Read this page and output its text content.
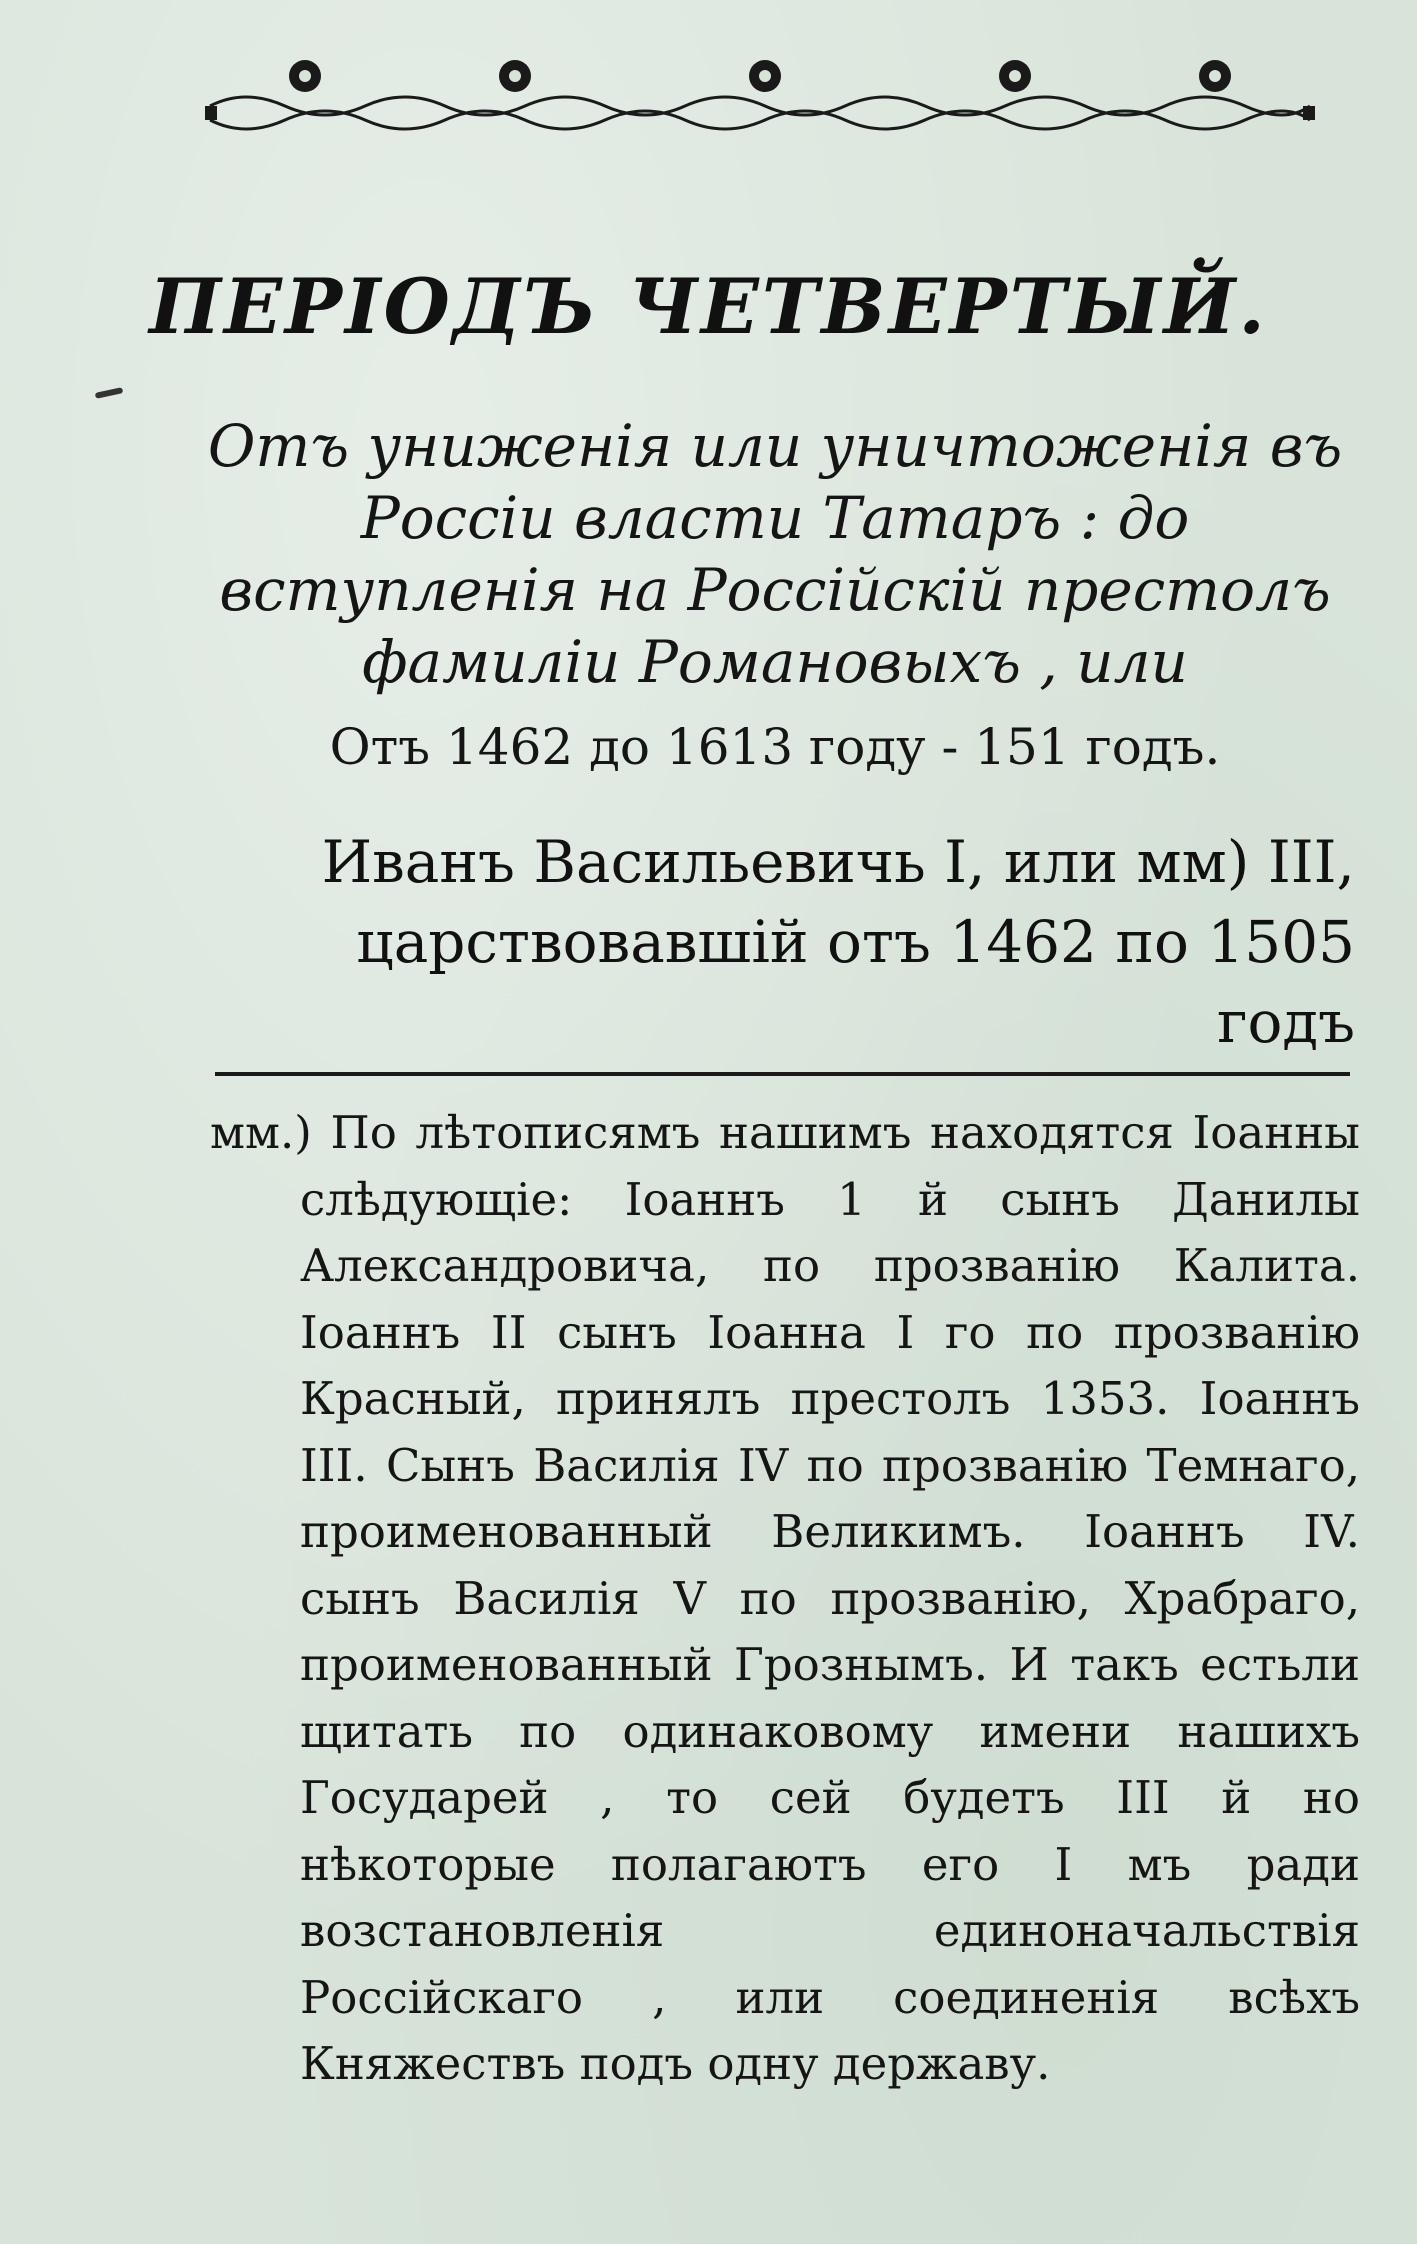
ПЕРІОДЪ ЧЕТВЕРТЫЙ.
Отъ униженія или уничтоженія въ Россіи власти Татаръ : до вступленія на Россійскій престолъ фамиліи Романовыхъ , или
Отъ 1462 до 1613 году - 151 годъ.
Иванъ Васильевичь I, или мм) III, царствовавшій отъ 1462 по 1505 годъ

мм.) По лѣтописямъ нашимъ находятся Іоанны слѣдующіе: Іоаннъ 1 й сынъ Данилы Александровича, по прозванію Калита. Іоаннъ II сынъ Іоанна I го по прозванію Красный, принялъ престолъ 1353. Іоаннъ III. Сынъ Василія IV по прозванію Темнаго, проименованный Великимъ. Іоаннъ IV. сынъ Василія V по прозванію, Храбраго, проименованный Грознымъ. И такъ естьли щитать по одинаковому имени нашихъ Государей , то сей будетъ III й но нѣкоторые полагаютъ его I мъ ради возстановленія единоначальствія Россійскаго , или соединенія всѣхъ Княжествъ подъ одну державу.
